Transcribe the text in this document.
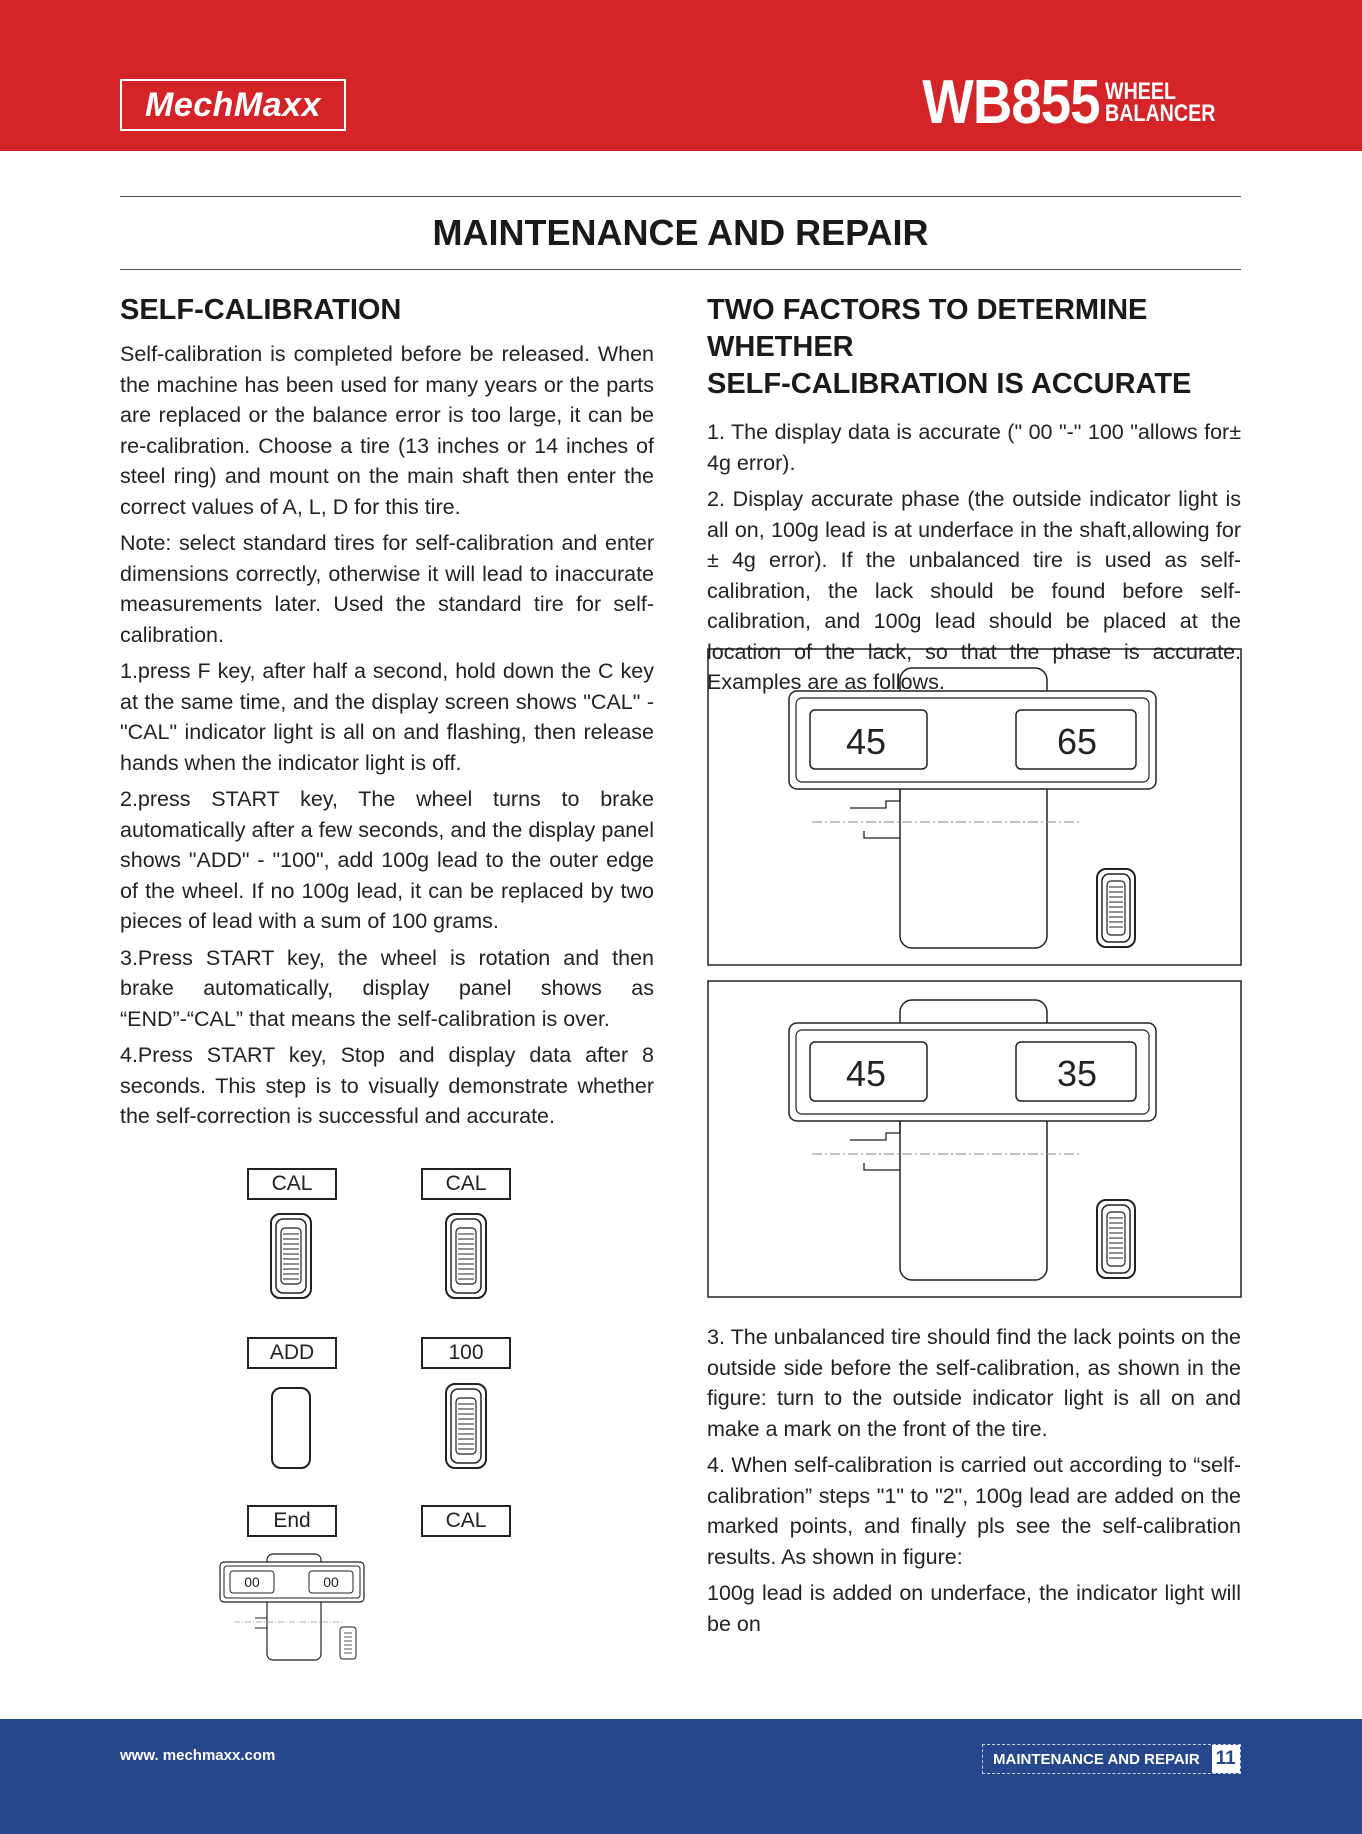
MechMaxx	WB855 WHEEL
BALANCER
MAINTENANCE AND REPAIR
SELF-CALIBRATION

Self-calibration is completed before be released. When the machine has been used for many years or the parts are replaced or the balance error is too large, it can be re-calibration. Choose a tire (13 inches or 14 inches of steel ring) and mount on the main shaft then enter the correct values of A, L, D for this tire.

Note: select standard tires for self-calibration and enter dimensions correctly, otherwise it will lead to inaccurate measurements later. Used the standard tire for self-calibration.

1.press F key, after half a second, hold down the C key at the same time, and the display screen shows "CAL" - "CAL" indicator light is all on and flashing, then release hands when the indicator light is off.

2.press START key, The wheel turns to brake automatically after a few seconds, and the display panel shows "ADD" - "100", add 100g lead to the outer edge of the wheel. If no 100g lead, it can be replaced by two pieces of lead with a sum of 100 grams.

3.Press START key, the wheel is rotation and then brake automatically, display panel shows as “END”-“CAL” that means the self-calibration is over.

4.Press START key, Stop and display data after 8 seconds. This step is to visually demonstrate whether the self-correction is successful and accurate.

CAL	CAL
ADD	100
End	CAL
00	00
45	65
45	35
TWO FACTORS TO DETERMINE WHETHER
SELF-CALIBRATION IS ACCURATE

1. The display data is accurate (" 00 "-" 100 "allows for± 4g error).

2. Display accurate phase (the outside indicator light is all on, 100g lead is at underface in the shaft,allowing for ± 4g error). If the unbalanced tire is used as self-calibration, the lack should be found before self-calibration, and 100g lead should be placed at the location of the lack, so that the phase is accurate. Examples are as follows.

3. The unbalanced tire should find the lack points on the outside side before the self-calibration, as shown in the figure: turn to the outside indicator light is all on and make a mark on the front of the tire.

4. When self-calibration is carried out according to “self-calibration” steps "1" to "2", 100g lead are added on the marked points, and finally pls see the self-calibration results. As shown in figure:

100g lead is added on underface, the indicator light will be on

www. mechmaxx.com	MAINTENANCE AND REPAIR 11
